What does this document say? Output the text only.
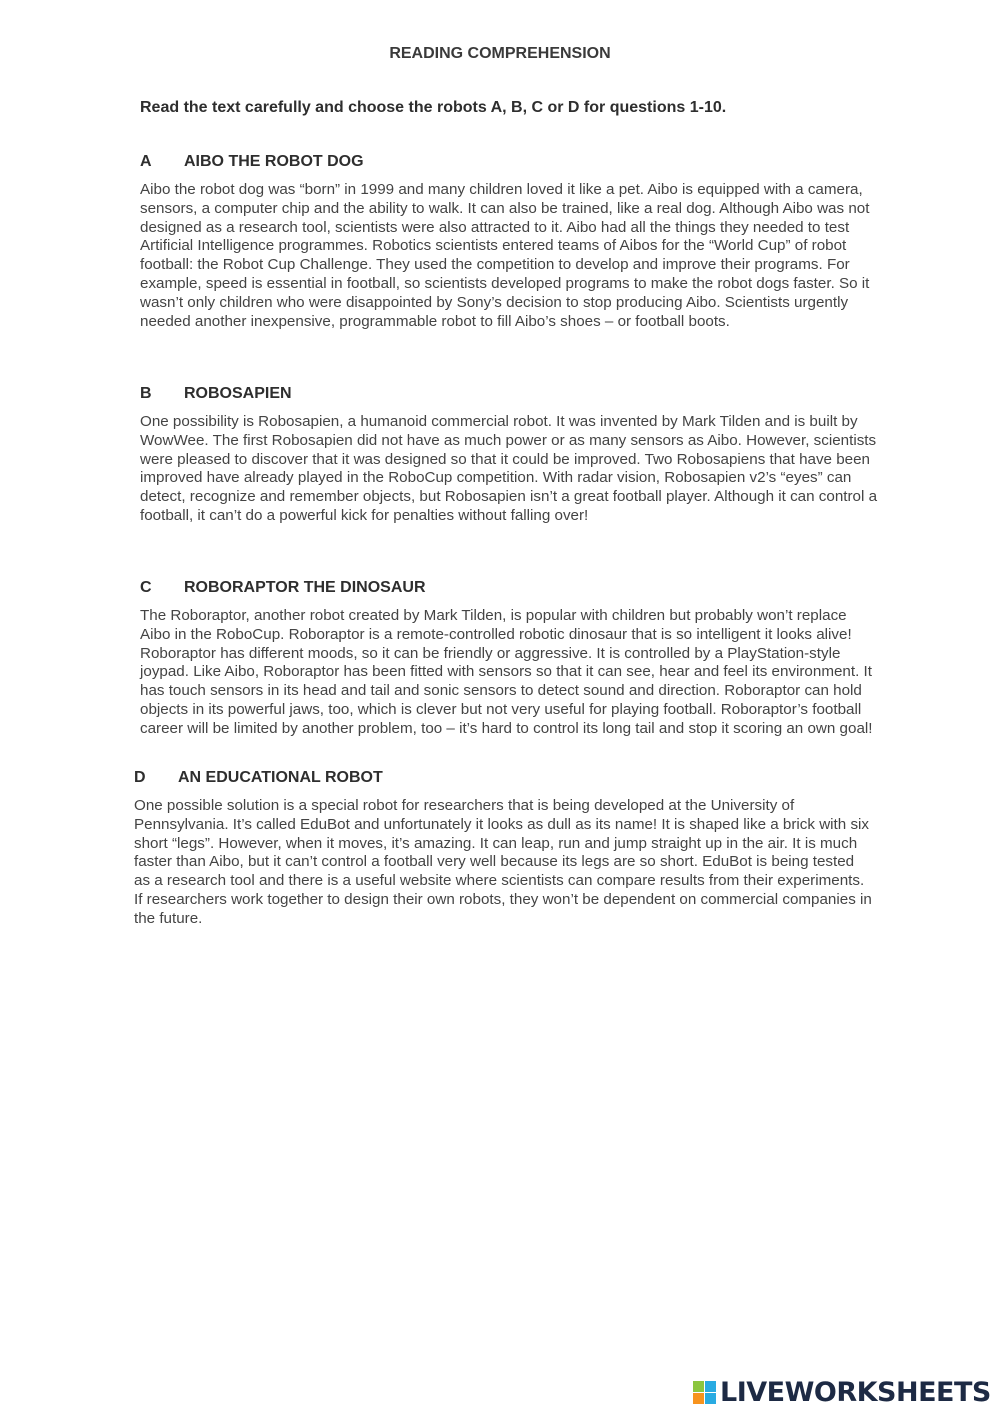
READING COMPREHENSION

Read the text carefully and choose the robots A, B, C or D for questions 1-10.

A	AIBO THE ROBOT DOG

Aibo the robot dog was “born” in 1999 and many children loved it like a pet. Aibo is equipped with a camera, sensors, a computer chip and the ability to walk. It can also be trained, like a real dog. Although Aibo was not designed as a research tool, scientists were also attracted to it. Aibo had all the things they needed to test Artificial Intelligence programmes. Robotics scientists entered teams of Aibos for the “World Cup” of robot football: the Robot Cup Challenge. They used the competition to develop and improve their programs. For example, speed is essential in football, so scientists developed programs to make the robot dogs faster. So it wasn’t only children who were disappointed by Sony’s decision to stop producing Aibo. Scientists urgently needed another inexpensive, programmable robot to fill Aibo’s shoes – or football boots.

B	ROBOSAPIEN

One possibility is Robosapien, a humanoid commercial robot. It was invented by Mark Tilden and is built by WowWee. The first Robosapien did not have as much power or as many sensors as Aibo. However, scientists were pleased to discover that it was designed so that it could be improved. Two Robosapiens that have been improved have already played in the RoboCup competition. With radar vision, Robosapien v2’s “eyes” can detect, recognize and remember objects, but Robosapien isn’t a great football player. Although it can control a football, it can’t do a powerful kick for penalties without falling over!

C	ROBORAPTOR THE DINOSAUR

The Roboraptor, another robot created by Mark Tilden, is popular with children but probably won’t replace Aibo in the RoboCup. Roboraptor is a remote-controlled robotic dinosaur that is so intelligent it looks alive! Roboraptor has different moods, so it can be friendly or aggressive. It is controlled by a PlayStation-style joypad. Like Aibo, Roboraptor has been fitted with sensors so that it can see, hear and feel its environment. It has touch sensors in its head and tail and sonic sensors to detect sound and direction. Roboraptor can hold objects in its powerful jaws, too, which is clever but not very useful for playing football. Roboraptor’s football career will be limited by another problem, too – it’s hard to control its long tail and stop it scoring an own goal!

D	AN EDUCATIONAL ROBOT

One possible solution is a special robot for researchers that is being developed at the University of Pennsylvania. It’s called EduBot and unfortunately it looks as dull as its name! It is shaped like a brick with six short “legs”. However, when it moves, it’s amazing. It can leap, run and jump straight up in the air. It is much faster than Aibo, but it can’t control a football very well because its legs are so short. EduBot is being tested as a research tool and there is a useful website where scientists can compare results from their experiments. If researchers work together to design their own robots, they won’t be dependent on commercial companies in the future.

LIVEWORKSHEETS
